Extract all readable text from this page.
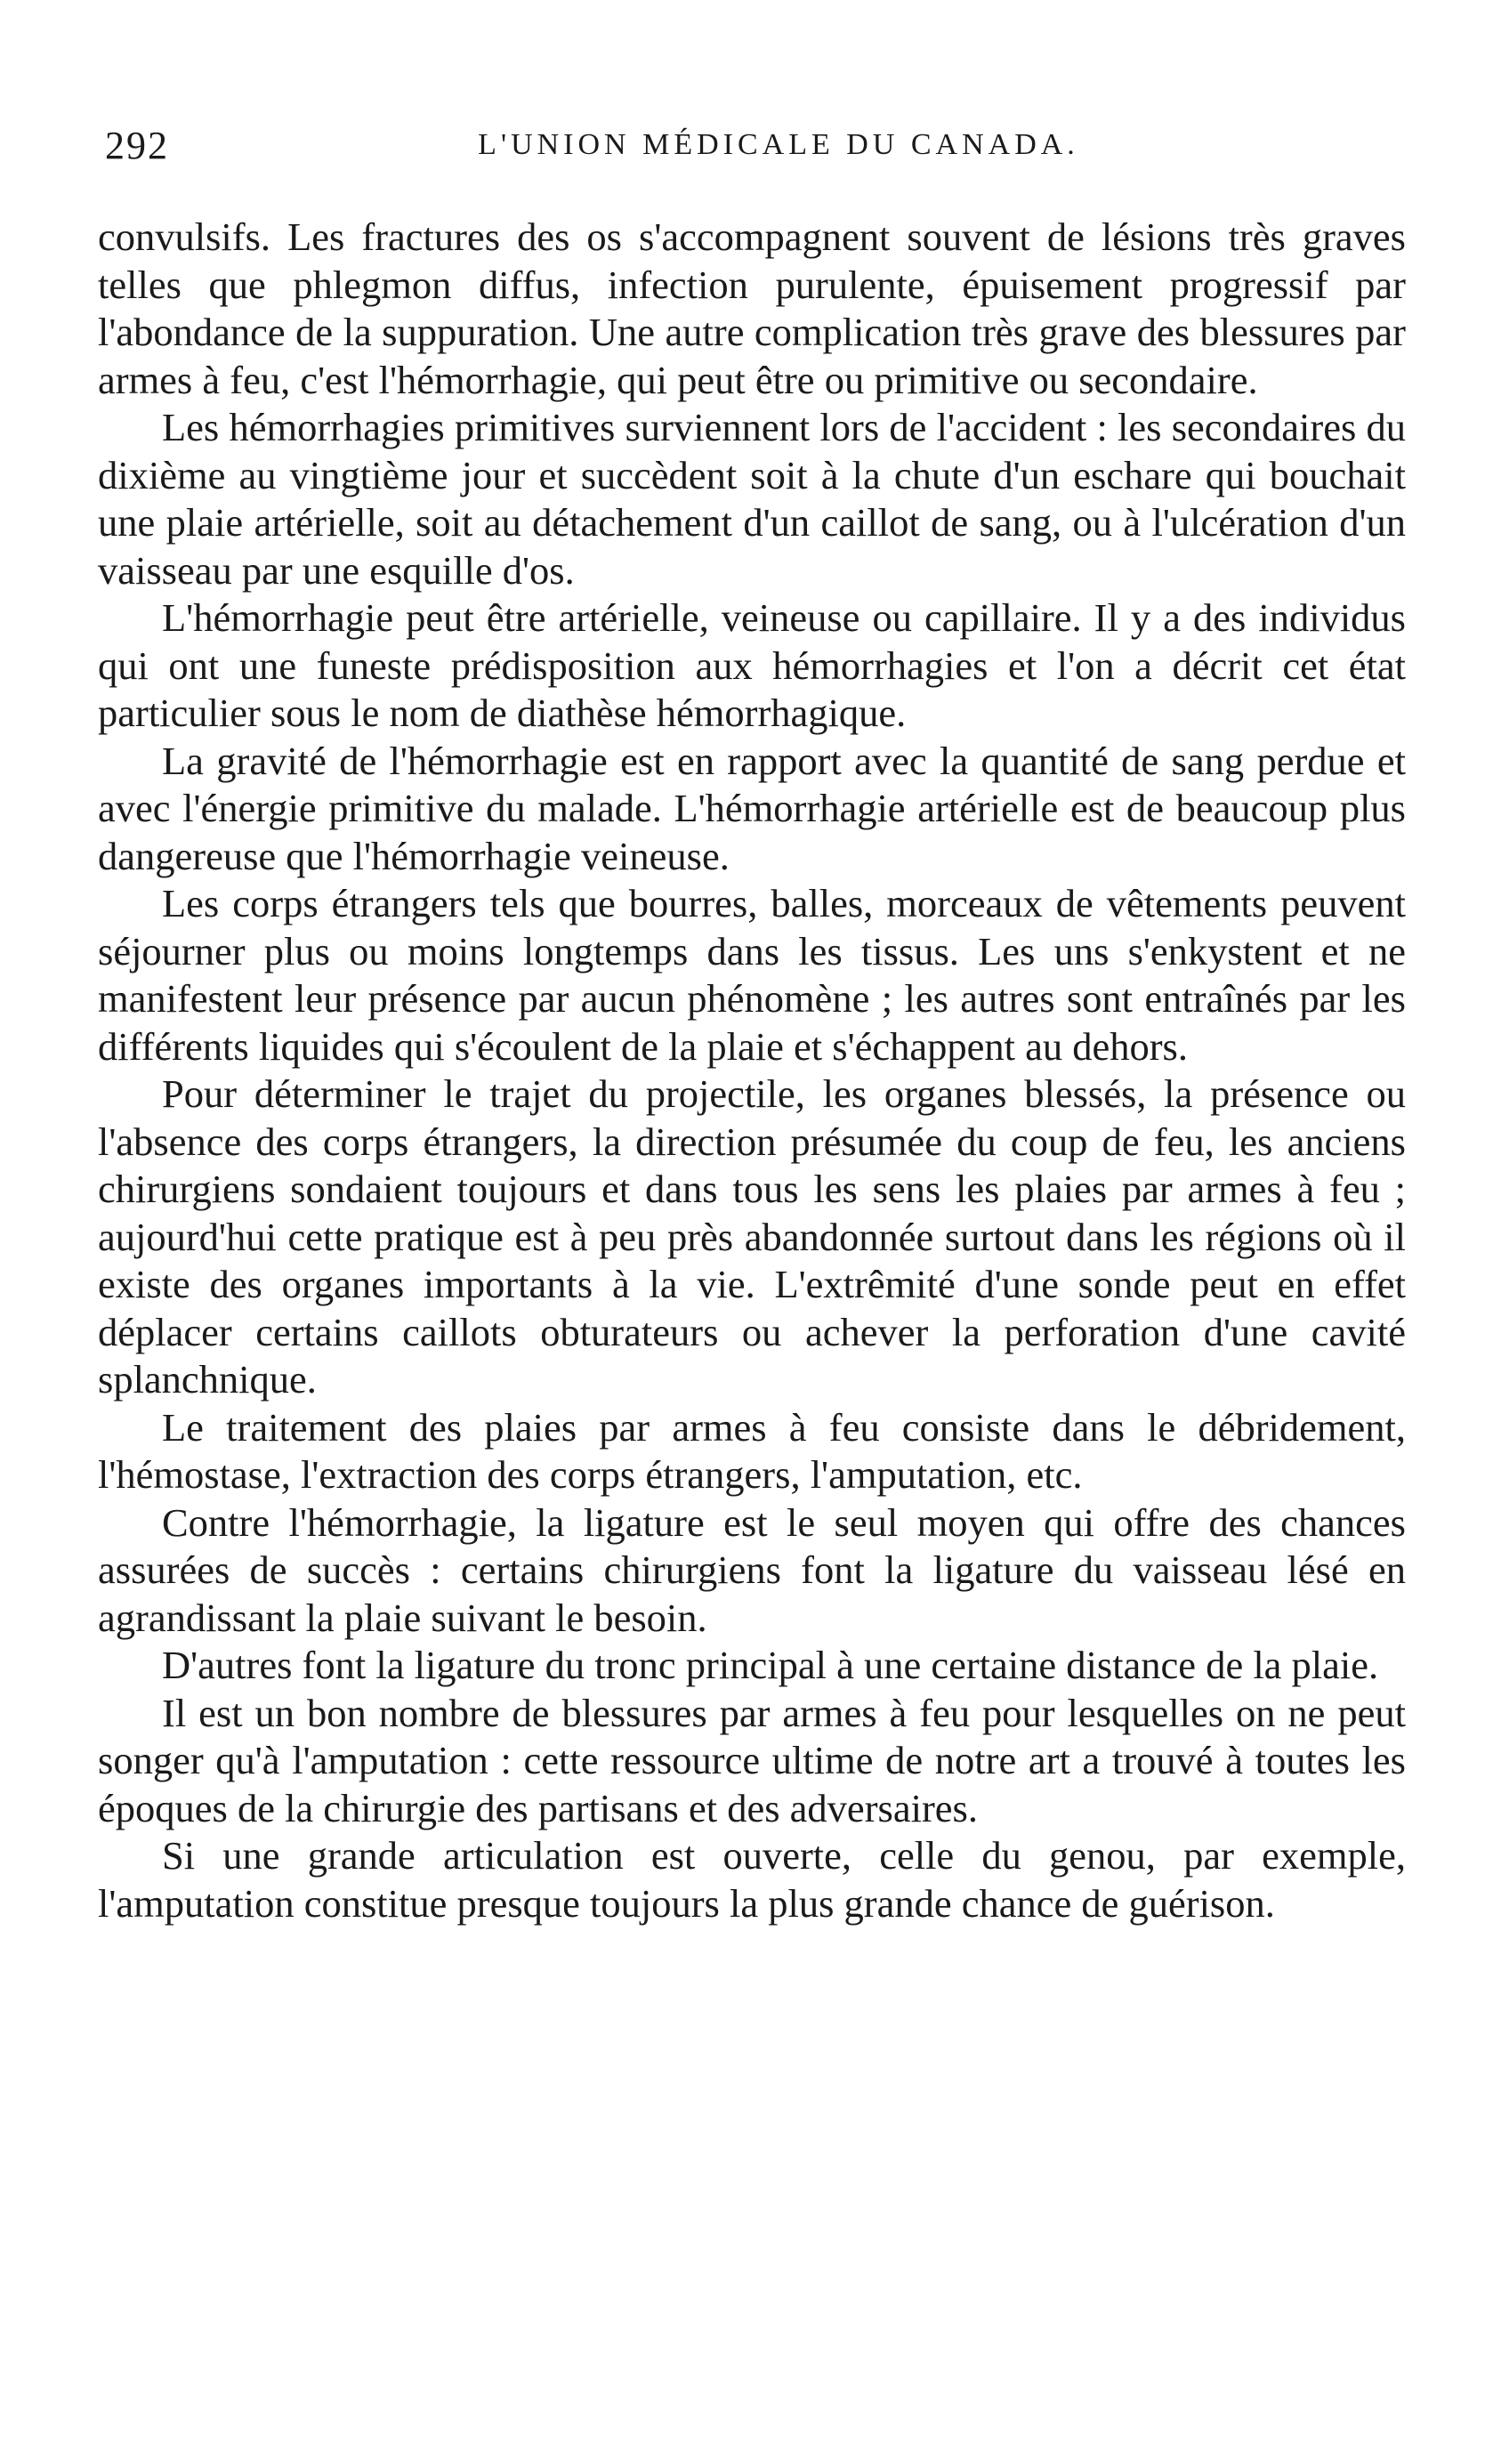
292	L'UNION MÉDICALE DU CANADA.

convulsifs. Les fractures des os s'accompagnent souvent de lésions très graves telles que phlegmon diffus, infection purulente, épuisement progressif par l'abondance de la suppuration. Une autre complication très grave des blessures par armes à feu, c'est l'hémorrhagie, qui peut être ou primitive ou secondaire.

Les hémorrhagies primitives surviennent lors de l'accident : les secondaires du dixième au vingtième jour et succèdent soit à la chute d'un eschare qui bouchait une plaie artérielle, soit au détachement d'un caillot de sang, ou à l'ulcération d'un vaisseau par une esquille d'os.

L'hémorrhagie peut être artérielle, veineuse ou capillaire. Il y a des individus qui ont une funeste prédisposition aux hémorrhagies et l'on a décrit cet état particulier sous le nom de diathèse hémorrhagique.

La gravité de l'hémorrhagie est en rapport avec la quantité de sang perdue et avec l'énergie primitive du malade. L'hémorrhagie artérielle est de beaucoup plus dangereuse que l'hémorrhagie veineuse.

Les corps étrangers tels que bourres, balles, morceaux de vêtements peuvent séjourner plus ou moins longtemps dans les tissus. Les uns s'enkystent et ne manifestent leur présence par aucun phénomène ; les autres sont entraînés par les différents liquides qui s'écoulent de la plaie et s'échappent au dehors.

Pour déterminer le trajet du projectile, les organes blessés, la présence ou l'absence des corps étrangers, la direction présumée du coup de feu, les anciens chirurgiens sondaient toujours et dans tous les sens les plaies par armes à feu ; aujourd'hui cette pratique est à peu près abandonnée surtout dans les régions où il existe des organes importants à la vie. L'extrêmité d'une sonde peut en effet déplacer certains caillots obturateurs ou achever la perforation d'une cavité splanchnique.

Le traitement des plaies par armes à feu consiste dans le débridement, l'hémostase, l'extraction des corps étrangers, l'amputation, etc.

Contre l'hémorrhagie, la ligature est le seul moyen qui offre des chances assurées de succès : certains chirurgiens font la ligature du vaisseau lésé en agrandissant la plaie suivant le besoin.

D'autres font la ligature du tronc principal à une certaine distance de la plaie.

Il est un bon nombre de blessures par armes à feu pour lesquelles on ne peut songer qu'à l'amputation : cette ressource ultime de notre art a trouvé à toutes les époques de la chirurgie des partisans et des adversaires.

Si une grande articulation est ouverte, celle du genou, par exemple, l'amputation constitue presque toujours la plus grande chance de guérison.
